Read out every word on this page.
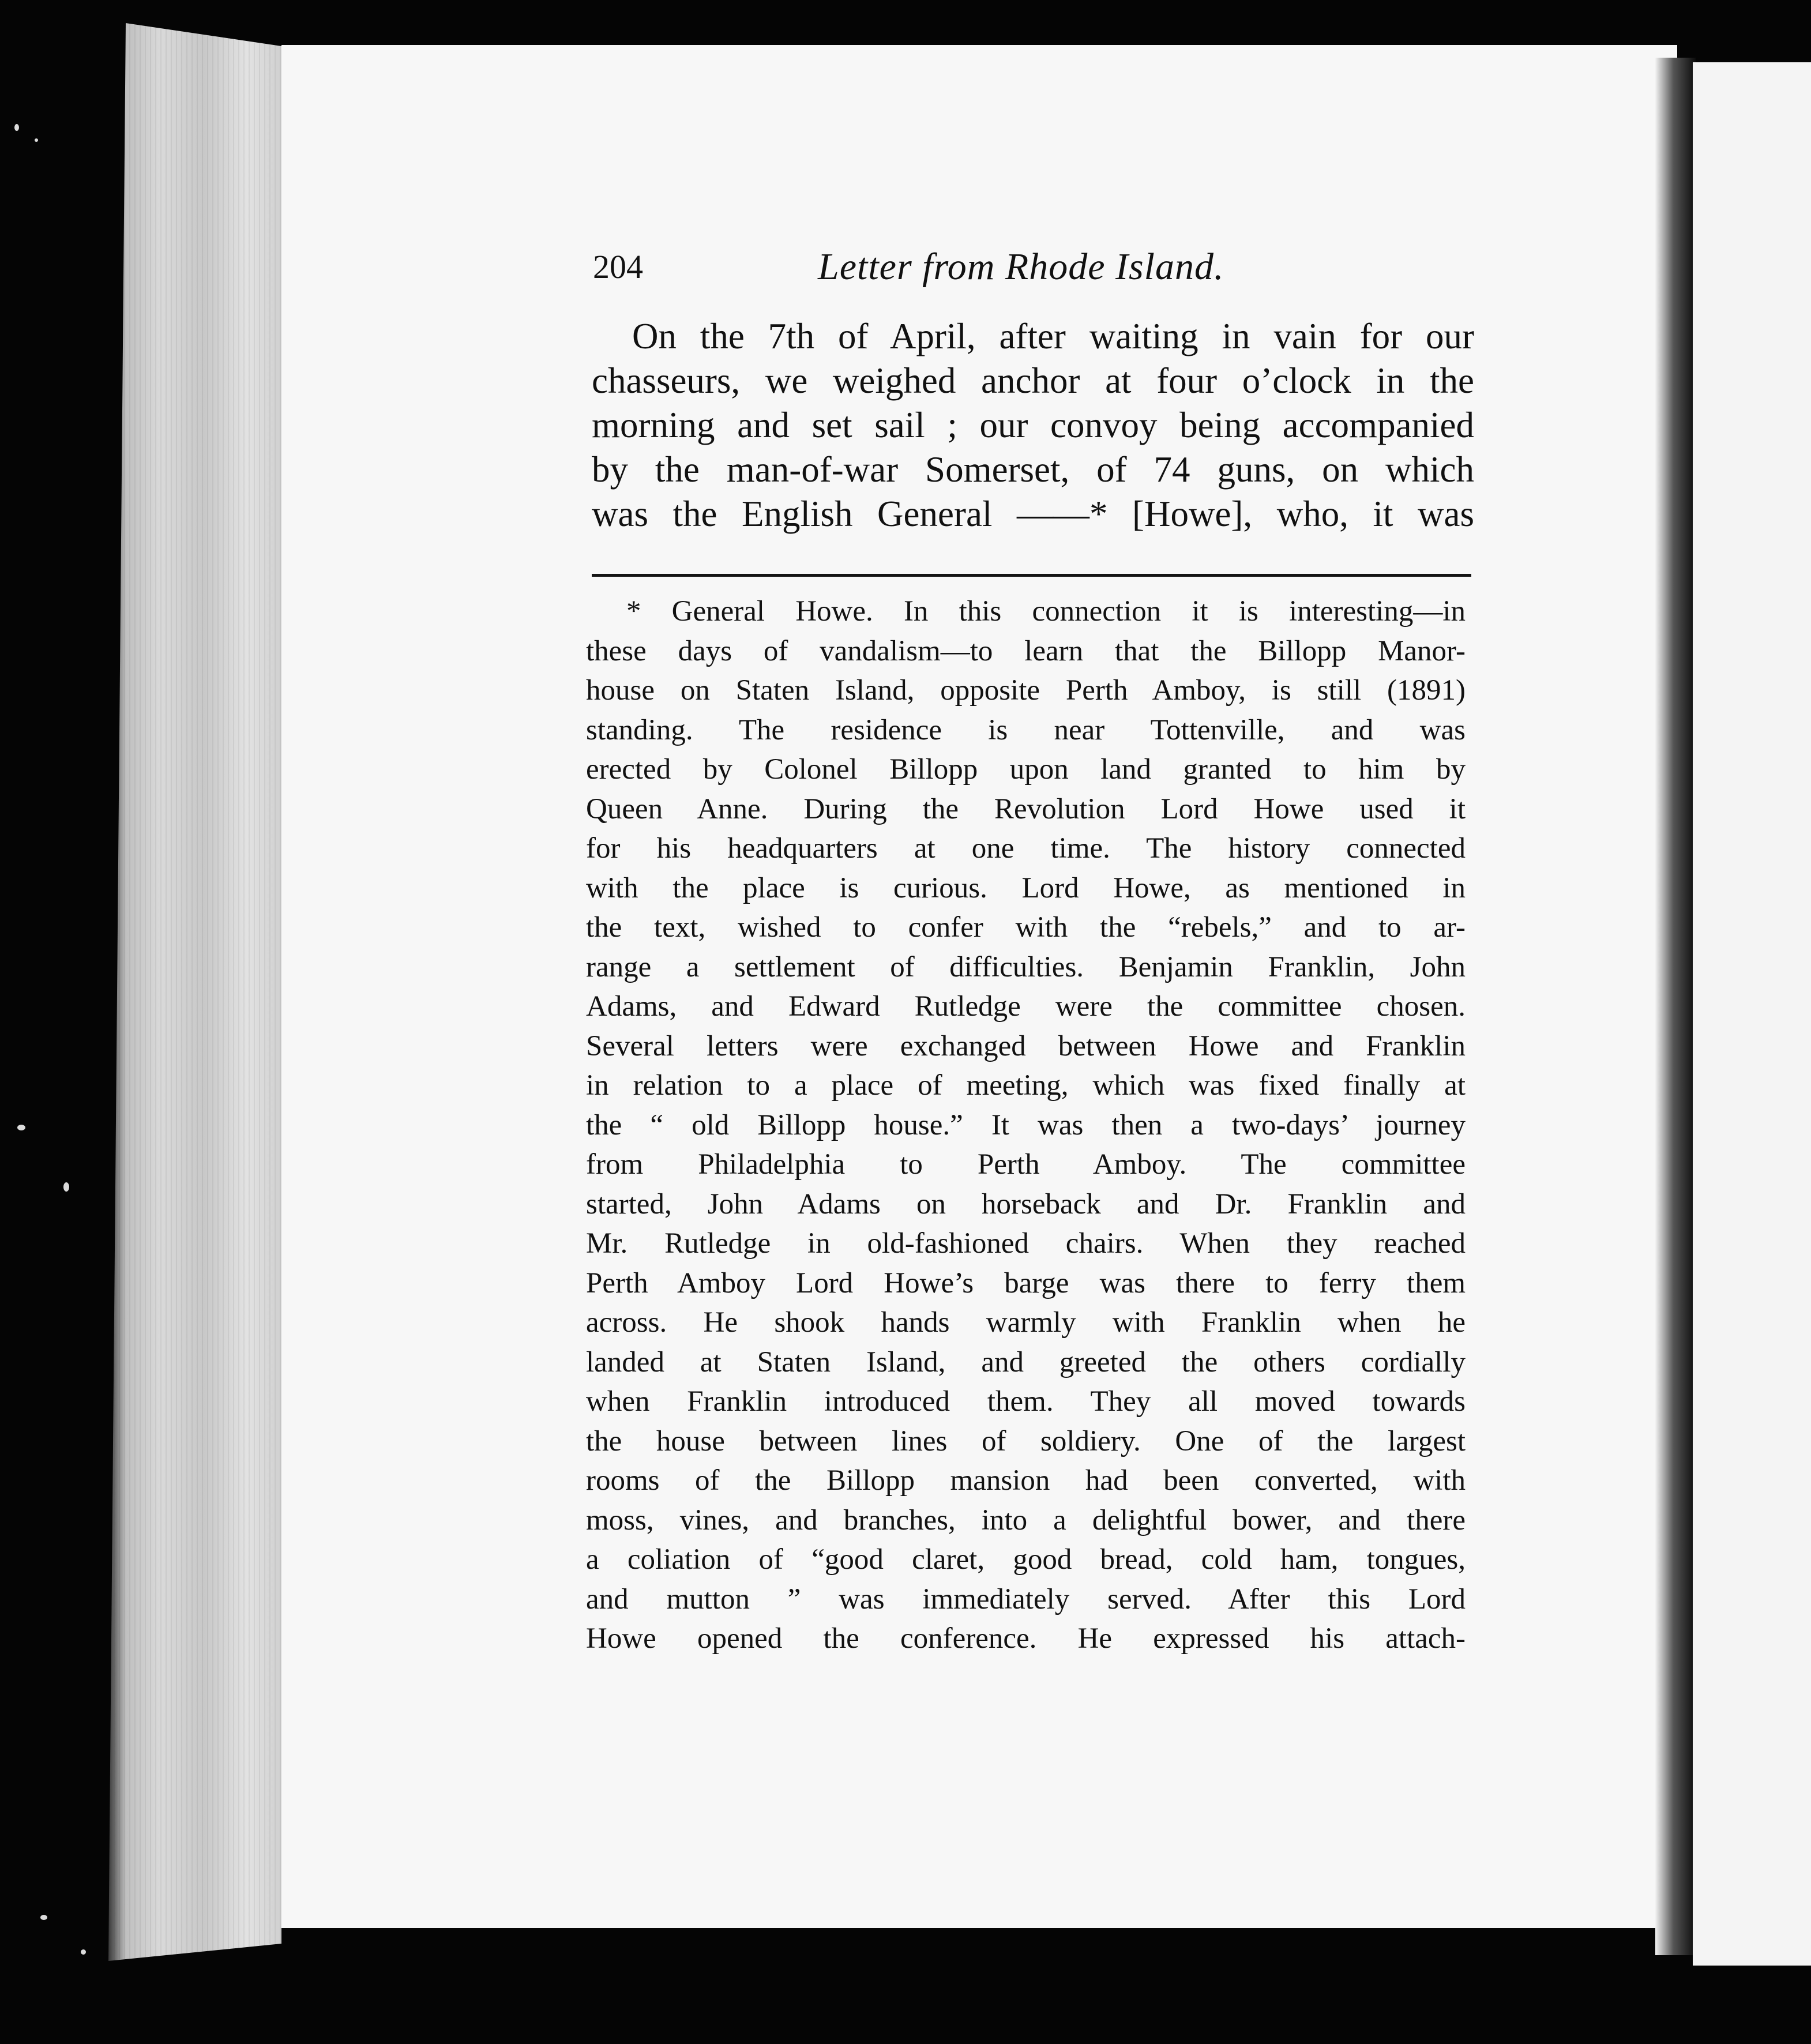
204	Letter from Rhode Island.
On the 7th of April, after waiting in vain for our
chasseurs, we weighed anchor at four o’clock in the
morning and set sail ; our convoy being accompanied
by the man-of-war Somerset, of 74 guns, on which
was the English General ——* [Howe], who, it was
* General Howe. In this connection it is interesting—in
these days of vandalism—to learn that the Billopp Manor-
house on Staten Island, opposite Perth Amboy, is still (1891)
standing. The residence is near Tottenville, and was
erected by Colonel Billopp upon land granted to him by
Queen Anne. During the Revolution Lord Howe used it
for his headquarters at one time. The history connected
with the place is curious. Lord Howe, as mentioned in
the text, wished to confer with the “rebels,” and to ar-
range a settlement of difficulties. Benjamin Franklin, John
Adams, and Edward Rutledge were the committee chosen.
Several letters were exchanged between Howe and Franklin
in relation to a place of meeting, which was fixed finally at
the “ old Billopp house.” It was then a two-days’ journey
from Philadelphia to Perth Amboy. The committee
started, John Adams on horseback and Dr. Franklin and
Mr. Rutledge in old-fashioned chairs. When they reached
Perth Amboy Lord Howe’s barge was there to ferry them
across. He shook hands warmly with Franklin when he
landed at Staten Island, and greeted the others cordially
when Franklin introduced them. They all moved towards
the house between lines of soldiery. One of the largest
rooms of the Billopp mansion had been converted, with
moss, vines, and branches, into a delightful bower, and there
a coliation of “good claret, good bread, cold ham, tongues,
and mutton ” was immediately served. After this Lord
Howe opened the conference. He expressed his attach-
